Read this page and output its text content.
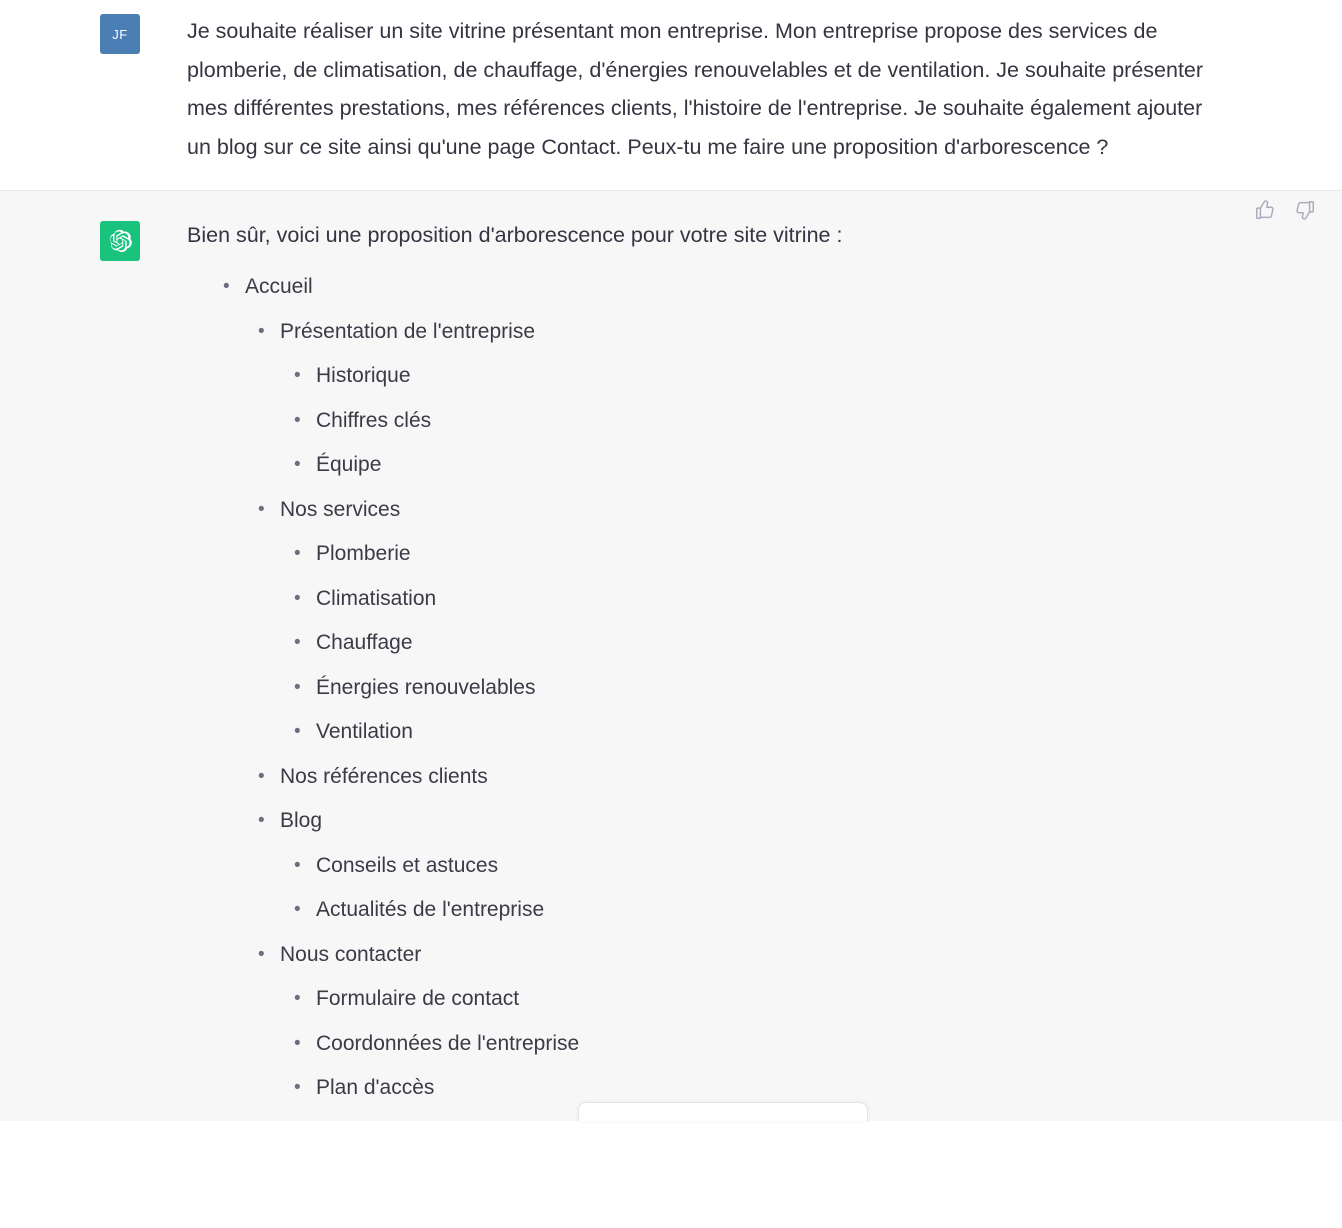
JF	Je souhaite réaliser un site vitrine présentant mon entreprise. Mon entreprise propose des services de plomberie, de climatisation, de chauffage, d'énergies renouvelables et de ventilation. Je souhaite présenter mes différentes prestations, mes références clients, l'histoire de l'entreprise. Je souhaite également ajouter un blog sur ce site ainsi qu'une page Contact. Peux-tu me faire une proposition d'arborescence ?
Bien sûr, voici une proposition d'arborescence pour votre site vitrine :
• Accueil
• Présentation de l'entreprise
• Historique
• Chiffres clés
• Équipe
• Nos services
• Plomberie
• Climatisation
• Chauffage
• Énergies renouvelables
• Ventilation
• Nos références clients
• Blog
• Conseils et astuces
• Actualités de l'entreprise
• Nous contacter
• Formulaire de contact
• Coordonnées de l'entreprise
• Plan d'accès
